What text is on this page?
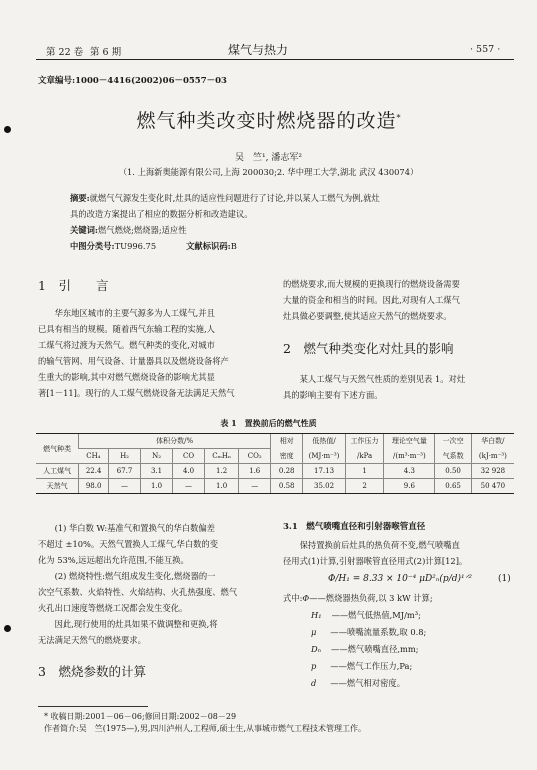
第 22 卷 第 6 期	煤气与热力	· 557 ·
文章编号:1000－4416(2002)06－0557－03
燃气种类改变时燃烧器的改造*
吴　竺¹, 潘志军²
（1. 上海新奥能源有限公司,上海 200030;2. 华中理工大学,湖北 武汉 430074）
摘要:就燃气气源发生变化时,灶具的适应性问题进行了讨论,并以某人工燃气为例,就灶
具的改造方案提出了相应的数据分析和改造建议。
关键词:燃气燃烧;燃烧器;适应性
中图分类号:TU996.75	文献标识码:B
1　引　　言

华东地区城市的主要气源多为人工煤气,并且

已具有相当的规模。随着西气东输工程的实施,人
工煤气将过渡为天然气。燃气种类的变化,对城市
的输气管网、用气设备、计量器具以及燃烧设备将产
生重大的影响,其中对燃气燃烧设备的影响尤其显
著[1－11]。现行的人工煤气燃烧设备无法满足天然气
的燃烧要求,而大规模的更换现行的燃烧设备需要
大量的资金和相当的时间。因此,对现有人工煤气
灶具做必要调整,使其适应天然气的燃烧要求。
2　燃气种类变化对灶具的影响

某人工煤气与天然气性质的差别见表 1。对灶

具的影响主要有下述方面。
表 1　置换前后的燃气性质
燃气种类	体积分数/%						相对	低热值/	工作压力	理论空气量	一次空	华白数/
	CH₄	H₂	N₂	CO	CₘHₙ	CO₂	密度	(MJ·m⁻³)	/kPa	/(m³·m⁻³)	气系数	(kJ·m⁻³)
人工煤气	22.4	67.7	3.1	4.0	1.2	1.6	0.28	17.13	1	4.3	0.50	32 928
天然气	98.0	—	1.0	—	1.0	—	0.58	35.02	2	9.6	0.65	50 470

(1) 华白数 W:基准气和置换气的华白数偏差

不超过 ±10%。天然气置换人工煤气,华白数的变
化为 53%,远远超出允许范围,不能互换。

(2) 燃烧特性:燃气组成发生变化,燃烧器的一

次空气系数、火焰特性、火焰结构、火孔热强度、燃气
火孔出口速度等燃烧工况都会发生变化。

因此,现行使用的灶具如果不做调整和更换,将

无法满足天然气的燃烧要求。
3　燃烧参数的计算
3.1　燃气喷嘴直径和引射器喉管直径

保持置换前后灶具的热负荷不变,燃气喷嘴直

径用式(1)计算,引射器喉管直径用式(2)计算[12]。
Φ/H₁ = 8.33 × 10⁻⁴ μD²ₙ(p/d)¹ᐟ²	(1)
式中:Φ——燃烧器热负荷,以 3 kW 计算;
H₁ ——燃气低热值,MJ/m³;
μ ——喷嘴流量系数,取 0.8;
Dₙ ——燃气喷嘴直径,mm;
p ——燃气工作压力,Pa;
d ——燃气相对密度。
* 收稿日期:2001－06－06;修回日期:2002－08－29
作者简介:吴　竺(1975—),男,四川泸州人,工程师,硕士生,从事城市燃气工程技术管理工作。
